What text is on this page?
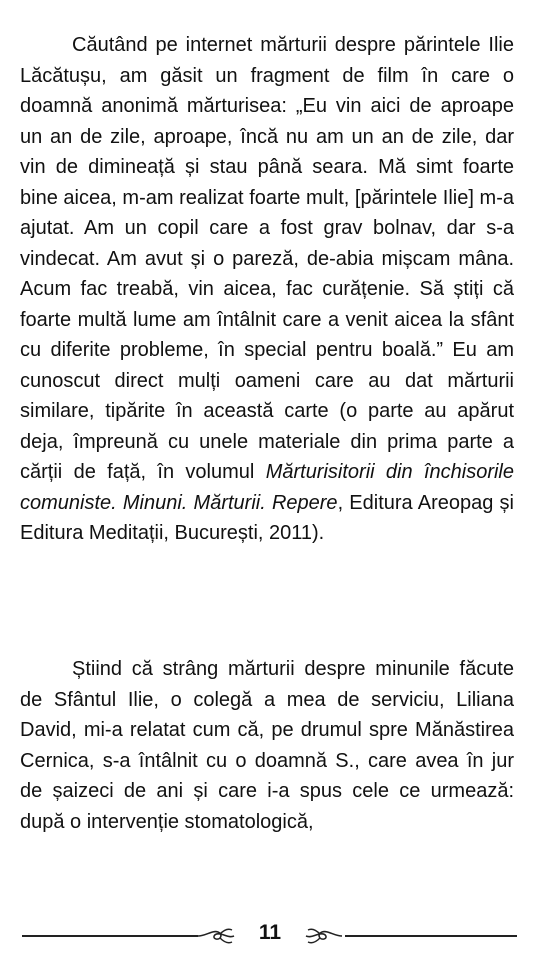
Căutând pe internet mărturii despre părintele Ilie Lăcătușu, am găsit un fragment de film în care o doamnă anonimă mărturisea: „Eu vin aici de aproape un an de zile, aproape, încă nu am un an de zile, dar vin de dimineață și stau până seara. Mă simt foarte bine aicea, m-am realizat foarte mult, [părintele Ilie] m-a ajutat. Am un copil care a fost grav bolnav, dar s-a vindecat. Am avut și o pareză, de-abia mișcam mâna. Acum fac treabă, vin aicea, fac curățenie. Să știți că foarte multă lume am întâlnit care a venit aicea la sfânt cu diferite probleme, în special pentru boală.” Eu am cunoscut direct mulți oameni care au dat mărturii similare, tipărite în această carte (o parte au apărut deja, împreună cu unele materiale din prima parte a cărții de față, în volumul Mărturisitorii din închisorile comuniste. Minuni. Mărturii. Repere, Editura Areopag și Editura Meditații, București, 2011).

Știind că strâng mărturii despre minunile făcute de Sfântul Ilie, o colegă a mea de serviciu, Liliana David, mi-a relatat cum că, pe drumul spre Mănăstirea Cernica, s-a întâlnit cu o doamnă S., care avea în jur de șaizeci de ani și care i-a spus cele ce urmează: după o intervenție stomatologică,

11
